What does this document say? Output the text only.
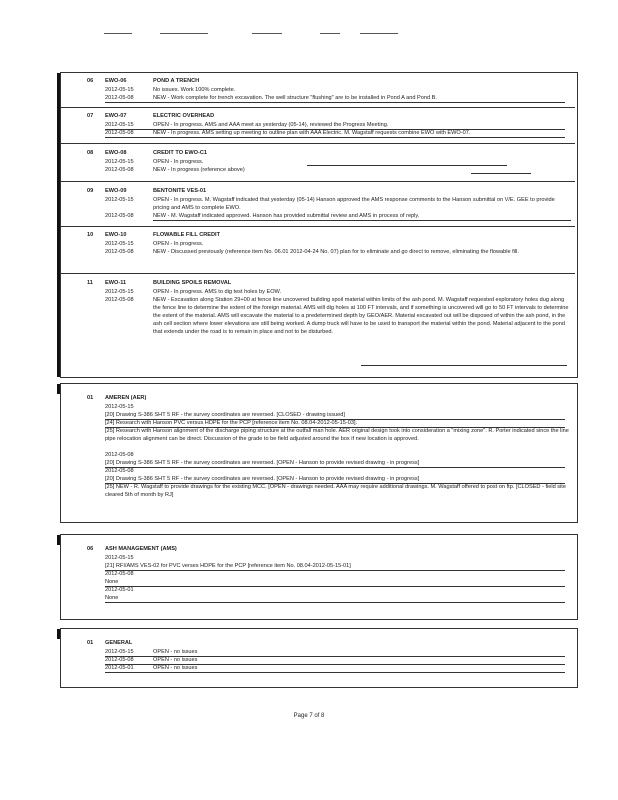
06 EWO-06	POND A TRENCH
2012-05-15	No issues. Work 100% complete.
2012-05-08	NEW - Work complete for trench excavation. The well structure "flushing" are to be installed in Pond A and Pond B.
07 EWO-07	ELECTRIC OVERHEAD
2012-05-15	OPEN - In progress. AMS and AAA meet as yesterday (05-14), reviewed the Progress Meeting.
2012-05-08	NEW - In progress. AMS setting up meeting to outline plan with AAA Electric. M. Wagstaff requests combine EWO with EWO-07.
08 EWO-08	CREDIT TO EWO-C1
2012-05-15	OPEN - In progress.
2012-05-08	NEW - In progress (reference above)
09 EWO-09	BENTONITE VES-01
2012-05-15	OPEN - In progress. M. Wagstaff indicated that yesterday (05-14) Hanson approved the AMS response comments to the Hanson submittal on V/E. GEE to provide pricing and AMS to complete EWO.
2012-05-08	NEW - M. Wagstaff indicated approved. Hanson has provided submittal review and AMS in process of reply.
10 EWO-10	FLOWABLE FILL CREDIT
2012-05-15	OPEN - In progress.
2012-05-08	NEW - Discussed previously (reference item No. 06.01 2012-04-24 No. 07) plan for to eliminate and go direct to remove, eliminating the flowable fill.
11 EWO-11	BUILDING SPOILS REMOVAL
2012-05-15	OPEN - In progress. AMS to dig test holes by EOW.
2012-05-08	NEW - Excavation along Station 29+00 at fence line uncovered building spoil material within limits of the ash pond. M. Wagstaff requested exploratory holes dug along the fence line to determine the extent of the foreign material. AMS will dig holes at 100 FT intervals, and if something is uncovered will go to 50 FT intervals to determine the extent of the material. AMS will excavate the material to a predetermined depth by GEO/AER. Material excavated out will be disposed of within the ash pond, in the ash cell section where lower elevations are still being worked. A dump truck will have to be used to transport the material within the pond. Material adjacent to the pond that extends under the road is to remain in place and not to be disturbed.
01 AMEREN (AER)
2012-05-15
[20] Drawing S-386 SHT 5 RF - the survey coordinates are reversed. [CLOSED - drawing issued]
[24] Research with Hanson PVC versus HDPE for the PCP [reference item No. 08.04-2012-05-15-03].
[25] Research with Hanson alignment of the discharge piping structure at the outfall man hole. AER original design took into consideration a "mixing zone". R. Porter indicated since the line pipe relocation alignment can be direct. Discussion of the grade to be field adjusted around the box if new location is approved.
2012-05-08
[20] Drawing S-386 SHT 5 RF - the survey coordinates are reversed. [OPEN - Hanson to provide revised drawing - in progress]
2012-05-08
[20] Drawing S-386 SHT 5 RF - the survey coordinates are reversed. [OPEN - Hanson to provide revised drawing - in progress]
[25] NEW - R. Wagstaff to provide drawings for the existing MCC. [OPEN - drawings needed. AAA may require additional drawings. M. Wagstaff offered to post on ftp. [CLOSED - field site cleared 5th of month by RJ]
06 ASH MANAGEMENT (AMS)
2012-05-15
[21] RFI/AMS VES-02 for PVC verses HDPE for the PCP [reference item No. 08.04-2012-05-15-01]
2012-05-08
None
2012-05-01
None
01 GENERAL
2012-05-15	OPEN - no issues
2012-05-08	OPEN - no issues
2012-05-01	OPEN - no issues
Page 7 of 8
